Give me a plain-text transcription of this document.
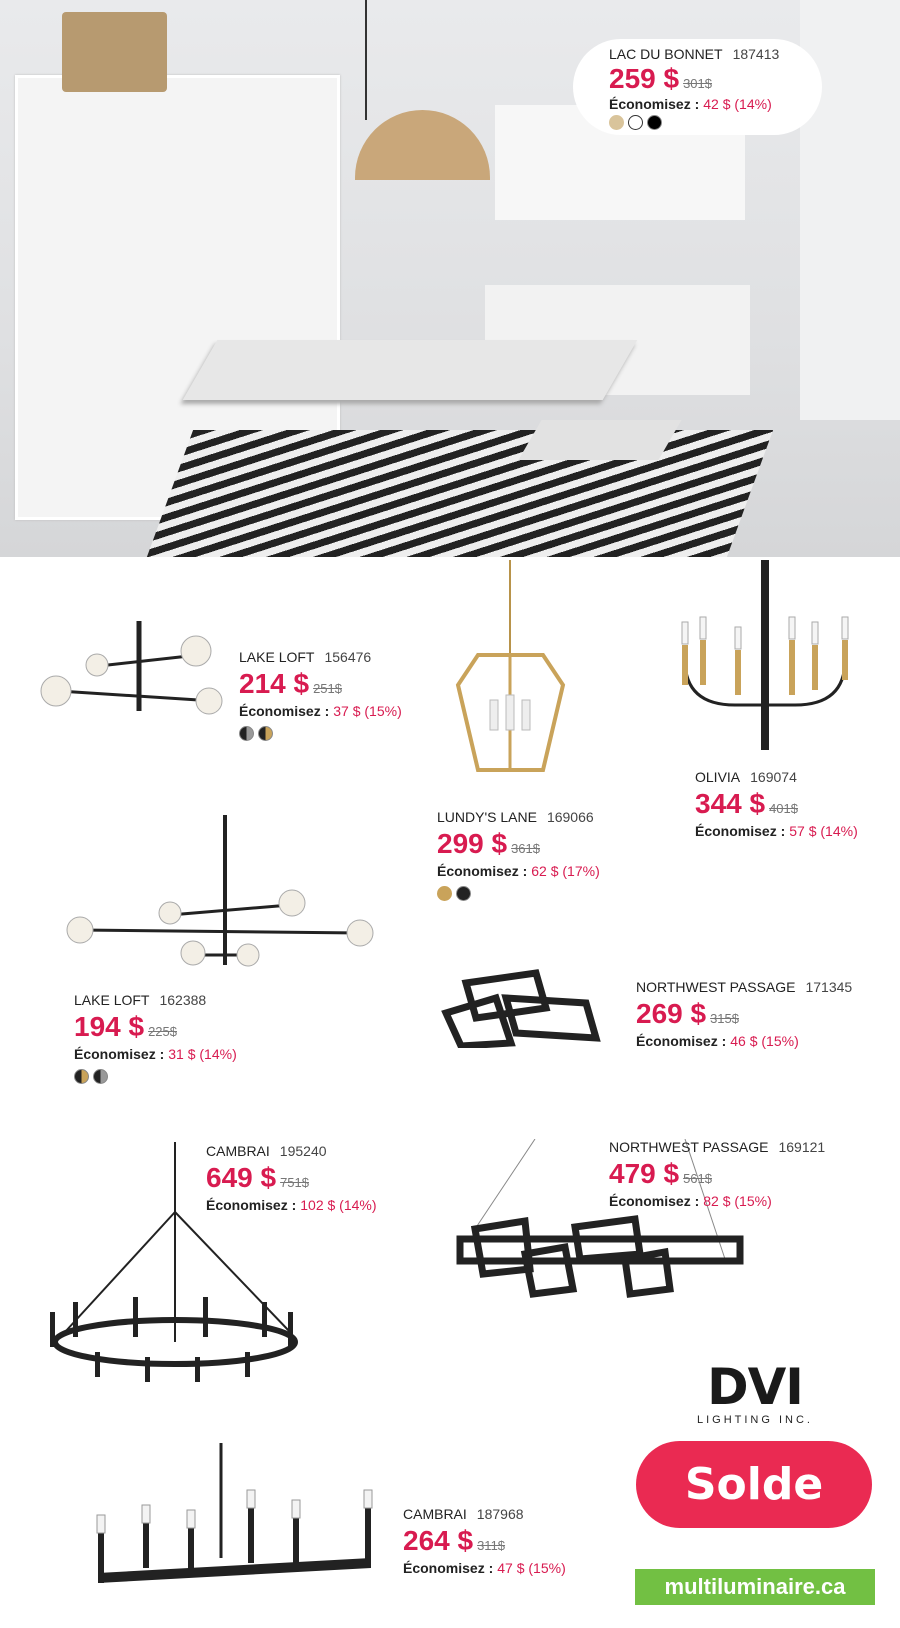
LAC DU BONNET 187413
259 $ 301$
Économisez : 42 $ (14%)
LAKE LOFT 156476
214 $ 251$
Économisez : 37 $ (15%)
LUNDY'S LANE 169066
299 $ 361$
Économisez : 62 $ (17%)
OLIVIA 169074
344 $ 401$
Économisez : 57 $ (14%)
LAKE LOFT 162388
194 $ 225$
Économisez : 31 $ (14%)
NORTHWEST PASSAGE 171345
269 $ 315$
Économisez : 46 $ (15%)
CAMBRAI 195240
649 $ 751$
Économisez : 102 $ (14%)
NORTHWEST PASSAGE 169121
479 $ 561$
Économisez : 82 $ (15%)
CAMBRAI 187968
264 $ 311$
Économisez : 47 $ (15%)
DVI
LIGHTING INC.
Solde
multiluminaire.ca
